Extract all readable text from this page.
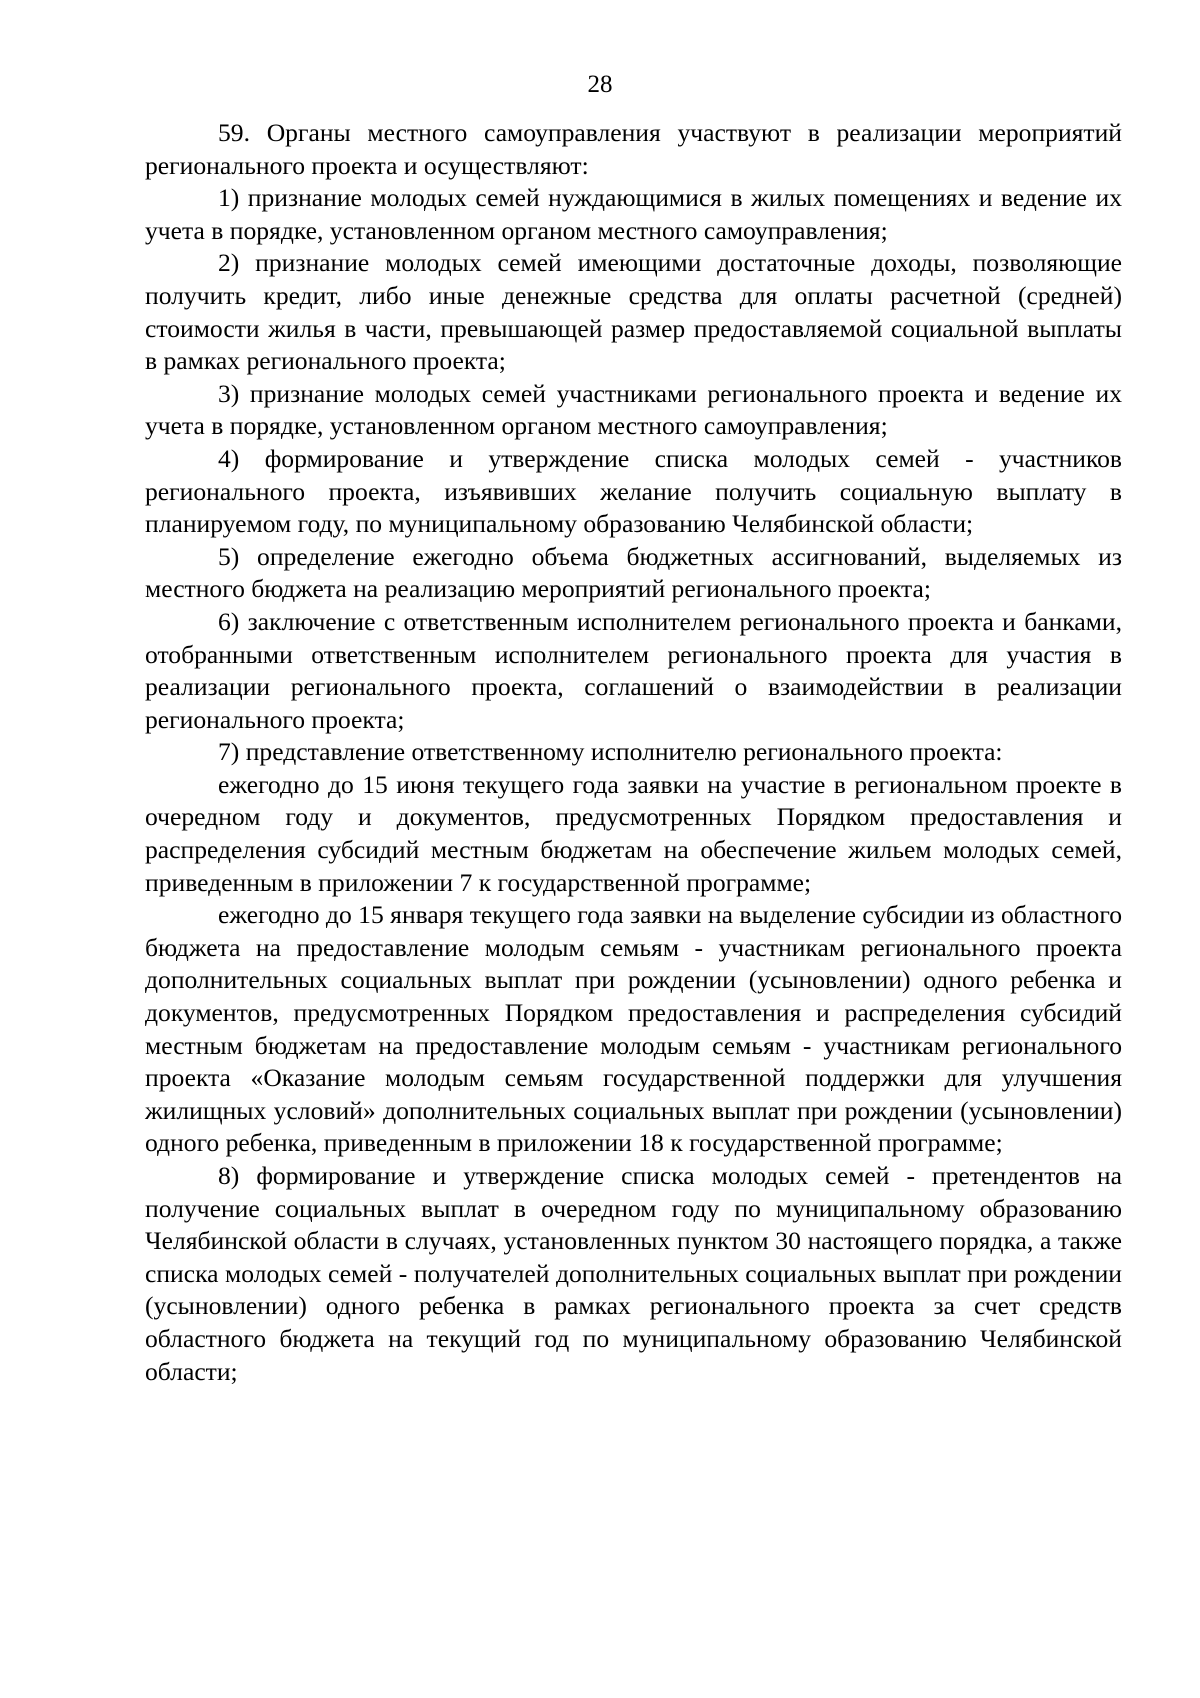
28

59. Органы местного самоуправления участвуют в реализации мероприятий регионального проекта и осуществляют:

1) признание молодых семей нуждающимися в жилых помещениях и ведение их учета в порядке, установленном органом местного самоуправления;

2) признание молодых семей имеющими достаточные доходы, позволяющие получить кредит, либо иные денежные средства для оплаты расчетной (средней) стоимости жилья в части, превышающей размер предоставляемой социальной выплаты в рамках регионального проекта;

3) признание молодых семей участниками регионального проекта и ведение их учета в порядке, установленном органом местного самоуправления;

4) формирование и утверждение списка молодых семей - участников регионального проекта, изъявивших желание получить социальную выплату в планируемом году, по муниципальному образованию Челябинской области;

5) определение ежегодно объема бюджетных ассигнований, выделяемых из местного бюджета на реализацию мероприятий регионального проекта;

6) заключение с ответственным исполнителем регионального проекта и банками, отобранными ответственным исполнителем регионального проекта для участия в реализации регионального проекта, соглашений о взаимодействии в реализации регионального проекта;

7) представление ответственному исполнителю регионального проекта:

ежегодно до 15 июня текущего года заявки на участие в региональном проекте в очередном году и документов, предусмотренных Порядком предоставления и распределения субсидий местным бюджетам на обеспечение жильем молодых семей, приведенным в приложении 7 к государственной программе;

ежегодно до 15 января текущего года заявки на выделение субсидии из областного бюджета на предоставление молодым семьям - участникам регионального проекта дополнительных социальных выплат при рождении (усыновлении) одного ребенка и документов, предусмотренных Порядком предоставления и распределения субсидий местным бюджетам на предоставление молодым семьям - участникам регионального проекта «Оказание молодым семьям государственной поддержки для улучшения жилищных условий» дополнительных социальных выплат при рождении (усыновлении) одного ребенка, приведенным в приложении 18 к государственной программе;

8) формирование и утверждение списка молодых семей - претендентов на получение социальных выплат в очередном году по муниципальному образованию Челябинской области в случаях, установленных пунктом 30 настоящего порядка, а также списка молодых семей - получателей дополнительных социальных выплат при рождении (усыновлении) одного ребенка в рамках регионального проекта за счет средств областного бюджета на текущий год по муниципальному образованию Челябинской области;
